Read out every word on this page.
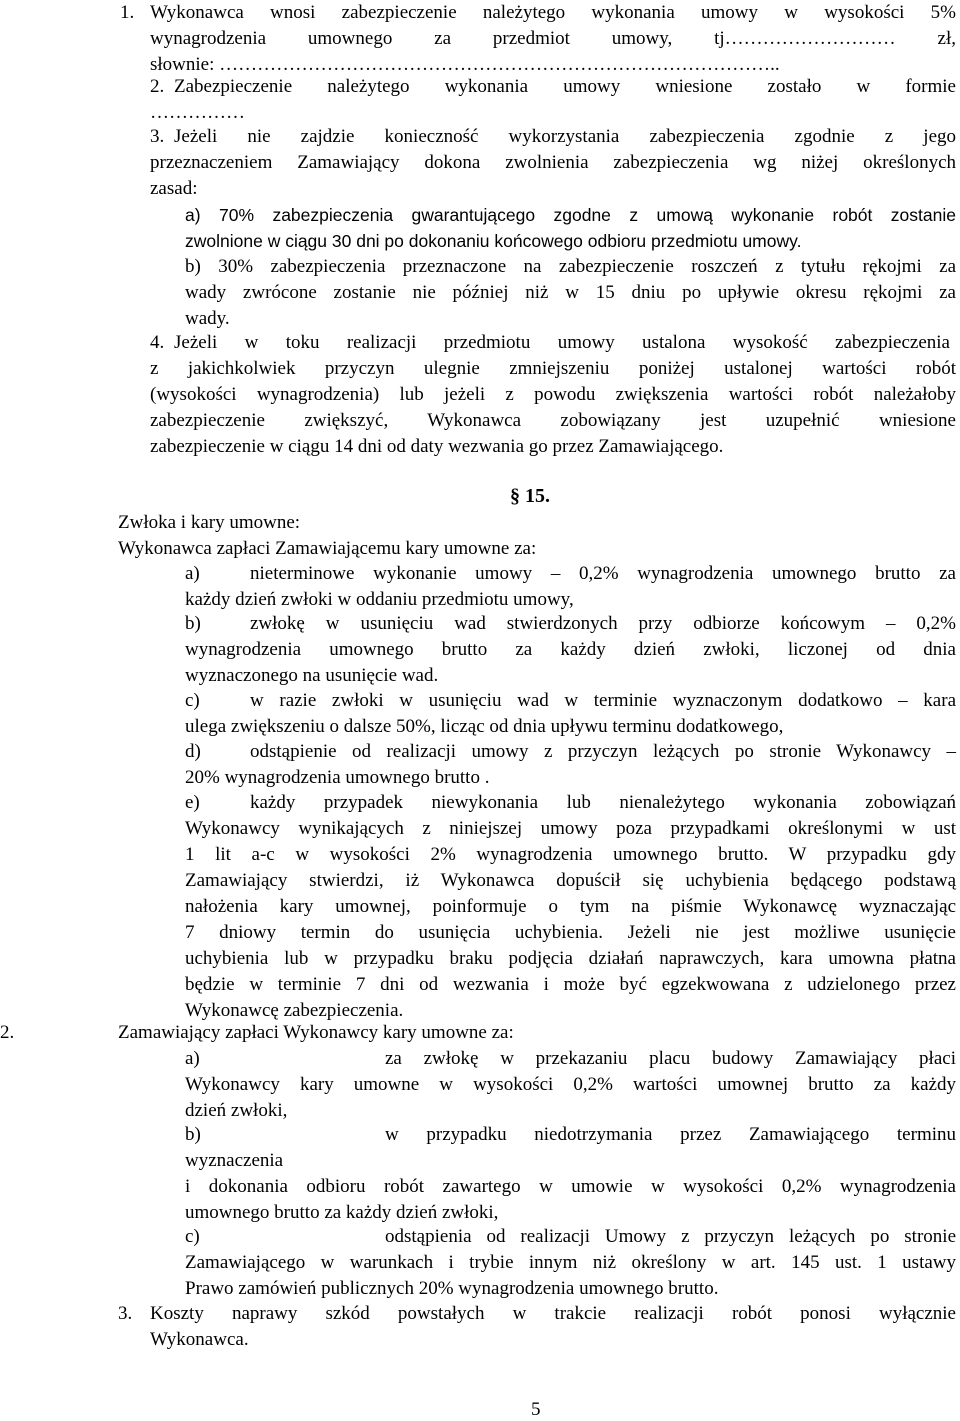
1. Wykonawca wnosi zabezpieczenie należytego wykonania umowy w wysokości 5%
wynagrodzenia umownego za przedmiot umowy, tj……………………… zł,
słownie: ……………………………………………………………………………..
2. Zabezpieczenie należytego wykonania umowy wniesione zostało w formie
……………
3. Jeżeli nie zajdzie konieczność wykorzystania zabezpieczenia zgodnie z jego
przeznaczeniem Zamawiający dokona zwolnienia zabezpieczenia wg niżej określonych
zasad:
a) 70% zabezpieczenia gwarantującego zgodne z umową wykonanie robót zostanie
zwolnione w ciągu 30 dni po dokonaniu końcowego odbioru przedmiotu umowy.
b) 30% zabezpieczenia przeznaczone na zabezpieczenie roszczeń z tytułu rękojmi za
wady zwrócone zostanie nie później niż w 15 dniu po upływie okresu rękojmi za
wady.
4. Jeżeli w toku realizacji przedmiotu umowy ustalona wysokość zabezpieczenia
z jakichkolwiek przyczyn ulegnie zmniejszeniu poniżej ustalonej wartości robót
(wysokości wynagrodzenia) lub jeżeli z powodu zwiększenia wartości robót należałoby
zabezpieczenie zwiększyć, Wykonawca zobowiązany jest uzupełnić wniesione
zabezpieczenie w ciągu 14 dni od daty wezwania go przez Zamawiającego.
§ 15.
Zwłoka i kary umowne:
Wykonawca zapłaci Zamawiającemu kary umowne za:
a)	nieterminowe wykonanie umowy – 0,2% wynagrodzenia umownego brutto za
każdy dzień zwłoki w oddaniu przedmiotu umowy,
b)	zwłokę w usunięciu wad stwierdzonych przy odbiorze końcowym – 0,2%
wynagrodzenia umownego brutto za każdy dzień zwłoki, liczonej od dnia
wyznaczonego na usunięcie wad.
c)	w razie zwłoki w usunięciu wad w terminie wyznaczonym dodatkowo – kara
ulega zwiększeniu o dalsze 50%, licząc od dnia upływu terminu dodatkowego,
d)	odstąpienie od realizacji umowy z przyczyn leżących po stronie Wykonawcy –
20% wynagrodzenia umownego brutto .
e)	każdy przypadek niewykonania lub nienależytego wykonania zobowiązań
Wykonawcy wynikających z niniejszej umowy poza przypadkami określonymi w ust
1 lit a-c w wysokości 2% wynagrodzenia umownego brutto. W przypadku gdy
Zamawiający stwierdzi, iż Wykonawca dopuścił się uchybienia będącego podstawą
nałożenia kary umownej, poinformuje o tym na piśmie Wykonawcę wyznaczając
7 dniowy termin do usunięcia uchybienia. Jeżeli nie jest możliwe usunięcie
uchybienia lub w przypadku braku podjęcia działań naprawczych, kara umowna płatna
będzie w terminie 7 dni od wezwania i może być egzekwowana z udzielonego przez
Wykonawcę zabezpieczenia.
2.	Zamawiający zapłaci Wykonawcy kary umowne za:
a)	za zwłokę w przekazaniu placu budowy Zamawiający płaci
Wykonawcy kary umowne w wysokości 0,2% wartości umownej brutto za każdy
dzień zwłoki,
b)	w przypadku niedotrzymania przez Zamawiającego terminu
wyznaczenia
i dokonania odbioru robót zawartego w umowie w wysokości 0,2% wynagrodzenia
umownego brutto za każdy dzień zwłoki,
c)	odstąpienia od realizacji Umowy z przyczyn leżących po stronie
Zamawiającego w warunkach i trybie innym niż określony w art. 145 ust. 1 ustawy
Prawo zamówień publicznych 20% wynagrodzenia umownego brutto.
3. Koszty naprawy szkód powstałych w trakcie realizacji robót ponosi wyłącznie
Wykonawca.
5
